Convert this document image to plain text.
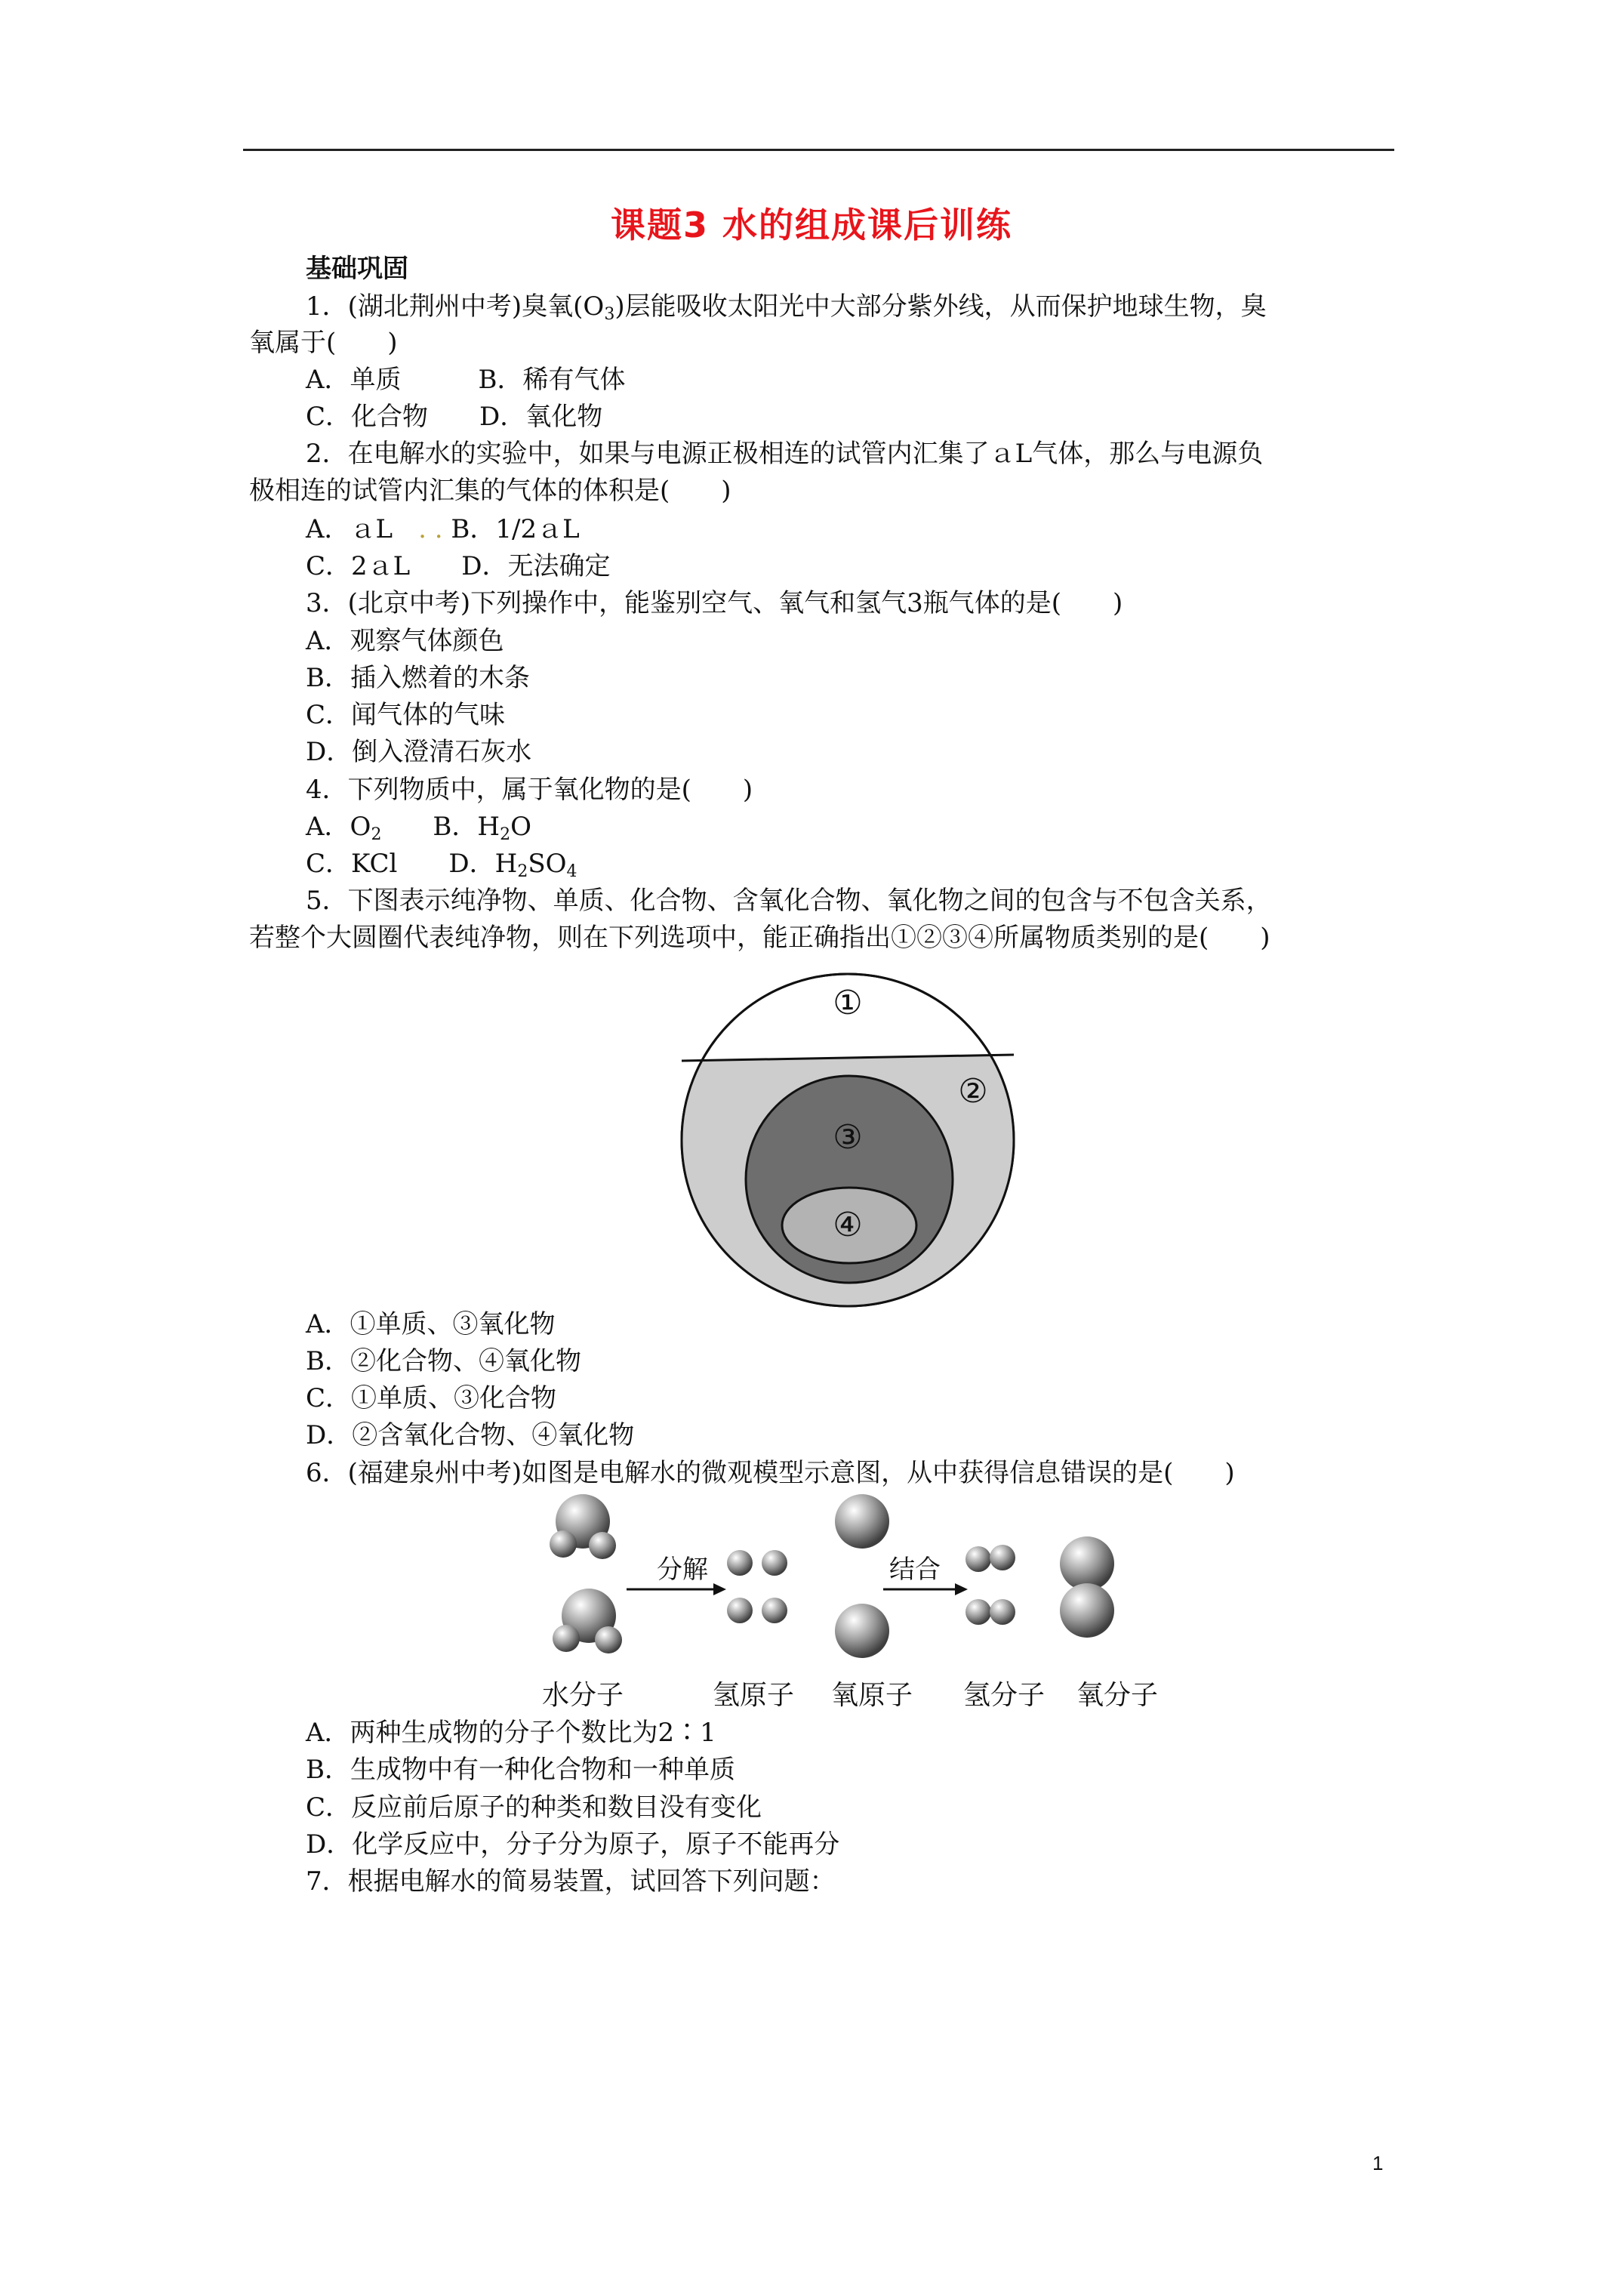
课题3 水的组成课后训练
基础巩固
1．(湖北荆州中考)臭氧$(O_3)$层能吸收太阳光中大部分紫外线，从而保护地球生物，臭
氧属于(　　)
A．单质　　　B．稀有气体
C．化合物　　D．氧化物
2．在电解水的实验中，如果与电源正极相连的试管内汇集了ａL气体，那么与电源负
极相连的试管内汇集的气体的体积是(　　)
A．ａL　. . B．1/2ａL
C．2ａL　　D．无法确定
3．(北京中考)下列操作中，能鉴别空气、氧气和氢气3瓶气体的是(　　)
A．观察气体颜色
B．插入燃着的木条
C．闻气体的气味
D．倒入澄清石灰水
4．下列物质中，属于氧化物的是(　　)
A．$O_2$　　B．$H_2O$
C．KCl　　D．$H_2SO_4$
5．下图表示纯净物、单质、化合物、含氧化合物、氧化物之间的包含与不包含关系，
若整个大圆圈代表纯净物，则在下列选项中，能正确指出①②③④所属物质类别的是(　　)
①
②
③
④
A．①单质、③氧化物
B．②化合物、④氧化物
C．①单质、③化合物
D．②含氧化合物、④氧化物
6．(福建泉州中考)如图是电解水的微观模型示意图，从中获得信息错误的是(　　)
分解	结合
水分子	氢原子 氧原子 氢分子 氧分子
A．两种生成物的分子个数比为2∶1
B．生成物中有一种化合物和一种单质
C．反应前后原子的种类和数目没有变化
D．化学反应中，分子分为原子，原子不能再分
7．根据电解水的简易装置，试回答下列问题：
1
